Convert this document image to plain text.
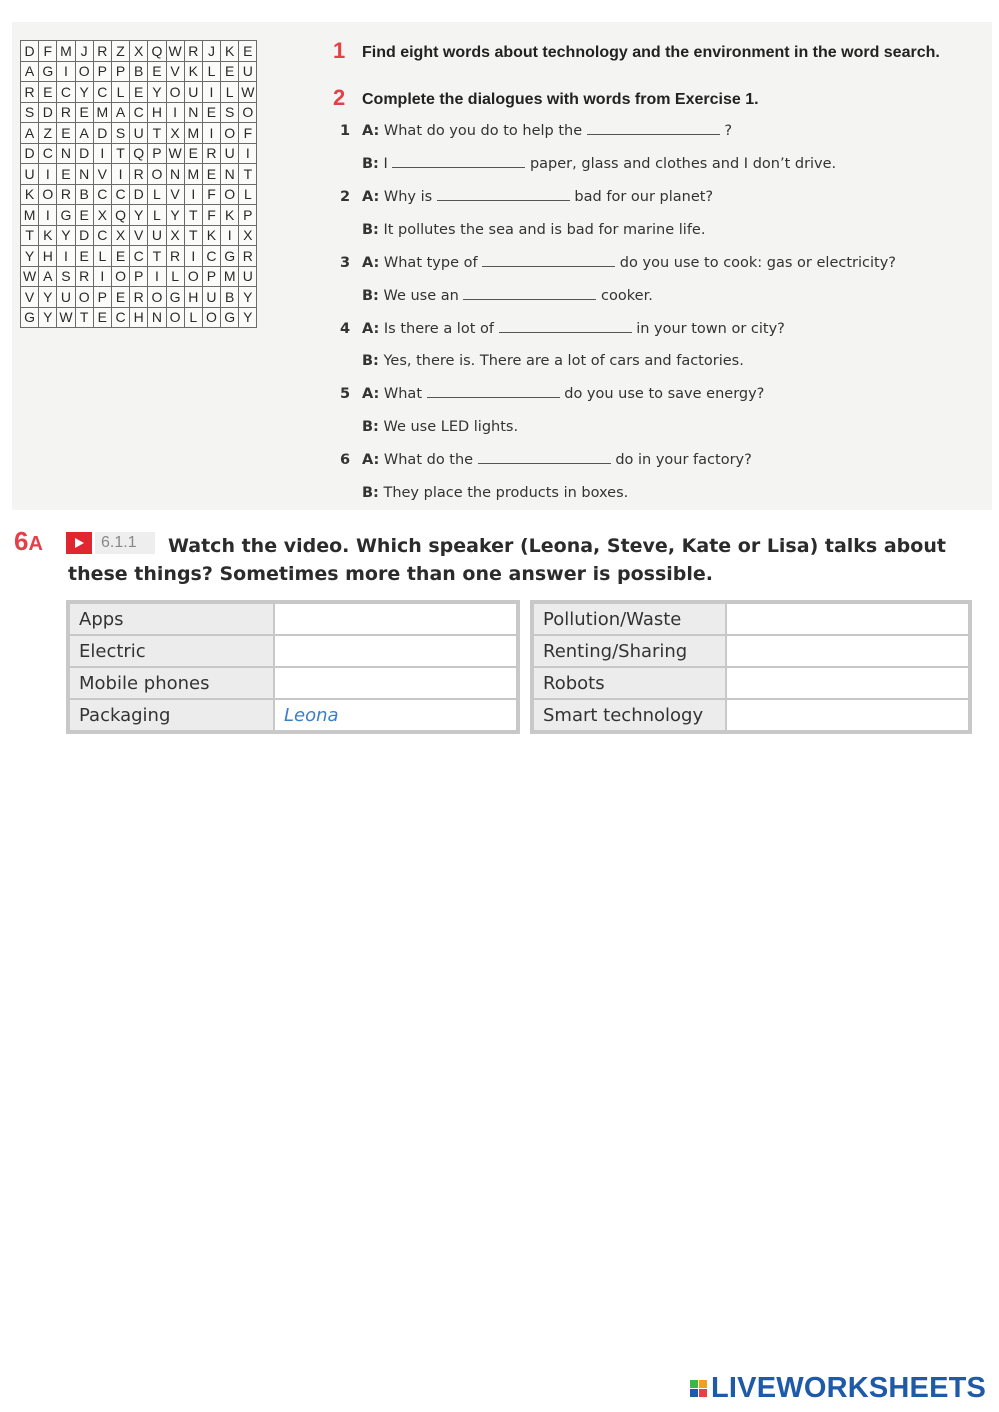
D	F	M	J	R	Z	X	Q	W	R	J	K	E
A	G	I	O	P	P	B	E	V	K	L	E	U
R	E	C	Y	C	L	E	Y	O	U	I	L	W
S	D	R	E	M	A	C	H	I	N	E	S	O
A	Z	E	A	D	S	U	T	X	M	I	O	F
D	C	N	D	I	T	Q	P	W	E	R	U	I
U	I	E	N	V	I	R	O	N	M	E	N	T
K	O	R	B	C	C	D	L	V	I	F	O	L
M	I	G	E	X	Q	Y	L	Y	T	F	K	P
T	K	Y	D	C	X	V	U	X	T	K	I	X
Y	H	I	E	L	E	C	T	R	I	C	G	R
W	A	S	R	I	O	P	I	L	O	P	M	U
V	Y	U	O	P	E	R	O	G	H	U	B	Y
G	Y	W	T	E	C	H	N	O	L	O	G	Y
1 Find eight words about technology and the environment in the word search.
2 Complete the dialogues with words from Exercise 1.
1 A: What do you do to help the	?
B: I	paper, glass and clothes and I don’t drive.
2 A: Why is	bad for our planet?
B: It pollutes the sea and is bad for marine life.
3 A: What type of	do you use to cook: gas or electricity?
B: We use an	cooker.
4 A: Is there a lot of	in your town or city?
B: Yes, there is. There are a lot of cars and factories.
5 A: What	do you use to save energy?
B: We use LED lights.
6 A: What do the	do in your factory?
B: They place the products in boxes.
6A	Watch the video. Which speaker (Leona, Steve, Kate or Lisa) talks about these things? Sometimes more than one answer is possible.
6.1.1
Apps	
Electric	
Mobile phones	
Packaging	Leona
Pollution/Waste	
Renting/Sharing	
Robots	
Smart technology	
LIVEWORKSHEETS
